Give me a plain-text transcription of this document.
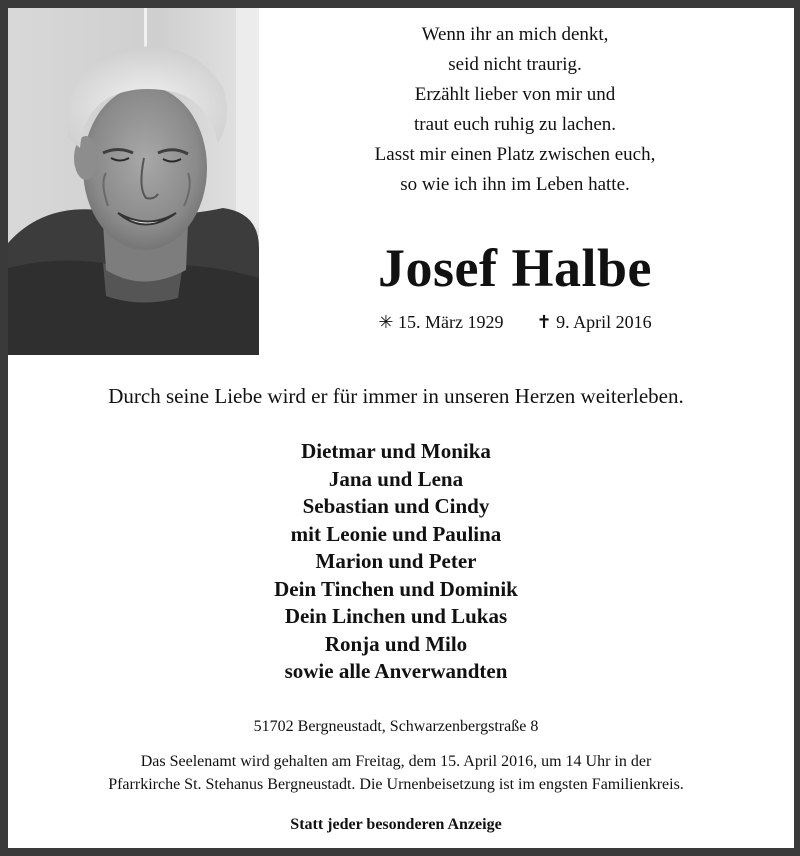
Wenn ihr an mich denkt,
seid nicht traurig.
Erzählt lieber von mir und
traut euch ruhig zu lachen.
Lasst mir einen Platz zwischen euch,
so wie ich ihn im Leben hatte.
Josef Halbe
✳ 15. März 1929 ✝ 9. April 2016
Durch seine Liebe wird er für immer in unseren Herzen weiterleben.
Dietmar und Monika
Jana und Lena
Sebastian und Cindy
mit Leonie und Paulina
Marion und Peter
Dein Tinchen und Dominik
Dein Linchen und Lukas
Ronja und Milo
sowie alle Anverwandten
51702 Bergneustadt, Schwarzenbergstraße 8
Das Seelenamt wird gehalten am Freitag, dem 15. April 2016, um 14 Uhr in der
Pfarrkirche St. Stehanus Bergneustadt. Die Urnenbeisetzung ist im engsten Familienkreis.
Statt jeder besonderen Anzeige
